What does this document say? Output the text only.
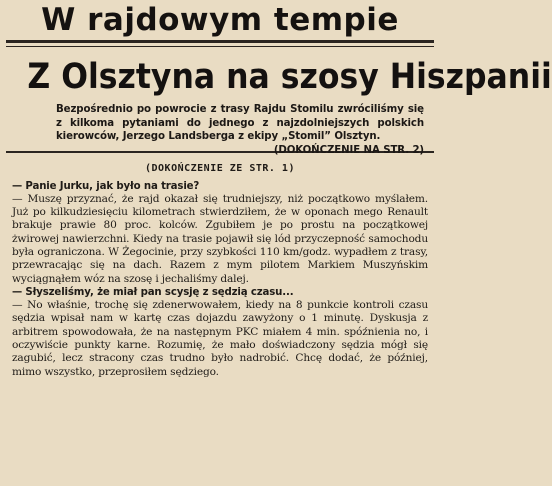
W rajdowym tempie
Z Olsztyna na szosy Hiszpanii
Bezpośrednio po powrocie z trasy Rajdu Stomilu zwróciliśmy się z kilkoma pytaniami do jednego z najzdolniejszych polskich kierowców, Jerzego Landsberga z ekipy „Stomil” Olsztyn.
(DOKOŃCZENIE NA STR. 2)
(DOKOŃCZENIE ZE STR. 1)

— Panie Jurku, jak było na trasie?

— Muszę przyznać, że rajd okazał się trudniejszy, niż początkowo myślałem. Już po kilkudziesięciu kilometrach stwierdziłem, że w oponach mego Renault brakuje prawie 80 proc. kolców. Zgubiłem je po prostu na początkowej żwirowej nawierzchni. Kiedy na trasie pojawił się lód przyczepność samochodu była ograniczona. W Żegocinie, przy szybkości 110 km/godz. wypadłem z trasy, przewracając się na dach. Razem z mym pilotem Markiem Muszyńskim wyciągnąłem wóz na szosę i jechaliśmy dalej.

— Słyszeliśmy, że miał pan scysję z sędzią czasu...

— No właśnie, trochę się zdenerwowałem, kiedy na 8 punkcie kontroli czasu sędzia wpisał nam w kartę czas dojazdu zawyżony o 1 minutę. Dyskusja z arbitrem spowodowała, że na następnym PKC miałem 4 min. spóźnienia no, i oczywiście punkty karne. Rozumię, że mało doświadczony sędzia mógł się zagubić, lecz stracony czas trudno było nadrobić. Chcę dodać, że później, mimo wszystko, przeprosiłem sędziego.
